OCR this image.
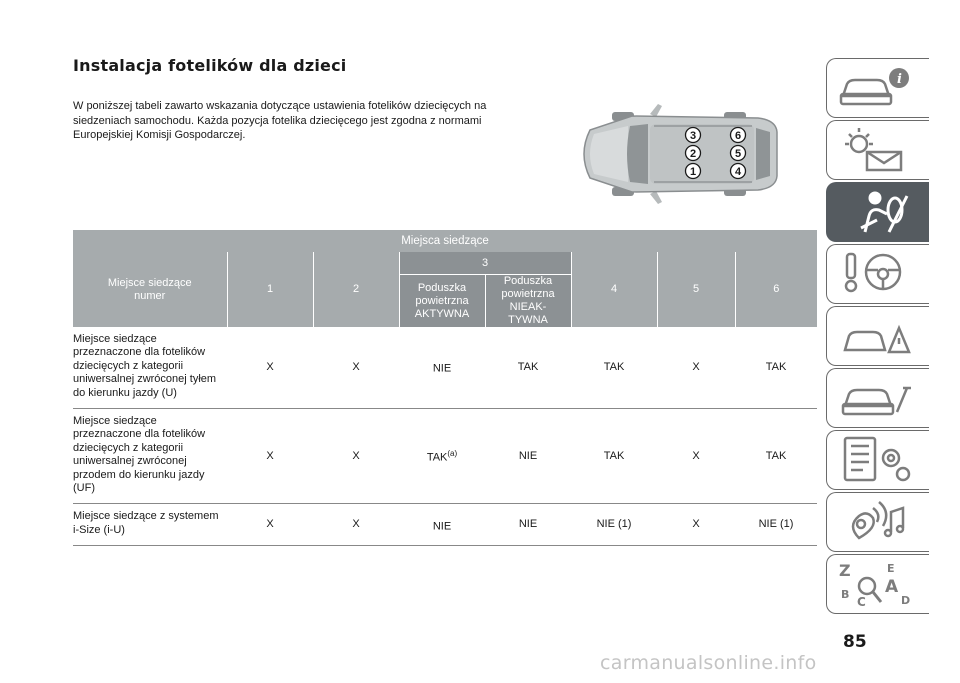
Instalacja fotelików dla dzieci

W poniższej tabeli zawarto wskazania dotyczące ustawienia fotelików dziecięcych na siedzeniach samochodu. Każda pozycja fotelika dziecięcego jest zgodna z normami Europejskiej Komisji Gospodarczej.	3	6
2	5
1	4
Miejsca siedzące							
Miejsce siedzące numer	1	2	3		4	5	6
			Poduszka powietrzna AKTYWNA	Poduszka powietrzna NIEAK-TYWNA			
Miejsce siedzące przeznaczone dla fotelików dziecięcych z kategorii uniwersalnej zwróconej tyłem do kierunku jazdy (U)	X	X	NIE	TAK	TAK	X	TAK
Miejsce siedzące przeznaczone dla fotelików dziecięcych z kategorii uniwersalnej zwróconej przodem do kierunku jazdy (UF)	X	X	TAK$^{(a)}$	NIE	TAK	X	TAK
Miejsce siedzące z systemem i-Size (i-U)	X	X	NIE	NIE	NIE (1)	X	NIE (1)
i
Z	E
B A
C	D
85
carmanualsonline.info
